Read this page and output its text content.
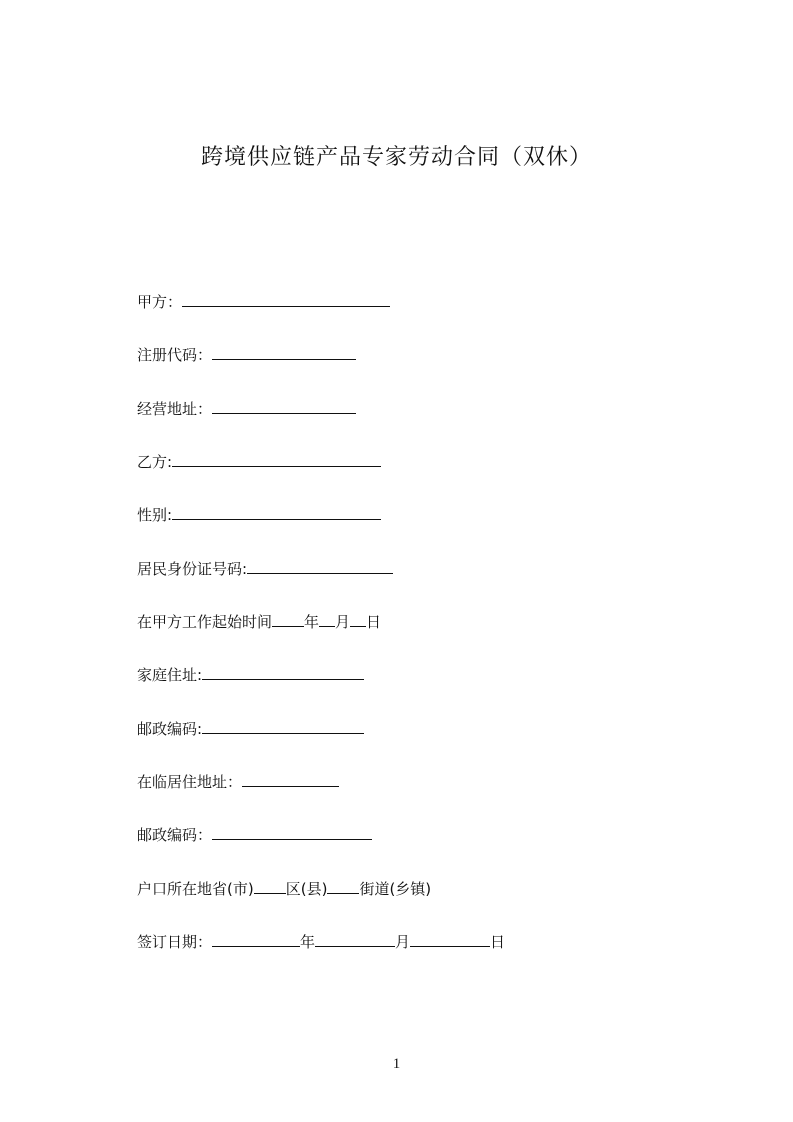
跨境供应链产品专家劳动合同（双休）
甲方：
注册代码：
经营地址：
乙方:
性别:
居民身份证号码:
在甲方工作起始时间 年 月 日
家庭住址:
邮政编码:
在临居住地址：
邮政编码：
户口所在地省(市) 区(县) 街道(乡镇)
签订日期：	年	月	日
1
